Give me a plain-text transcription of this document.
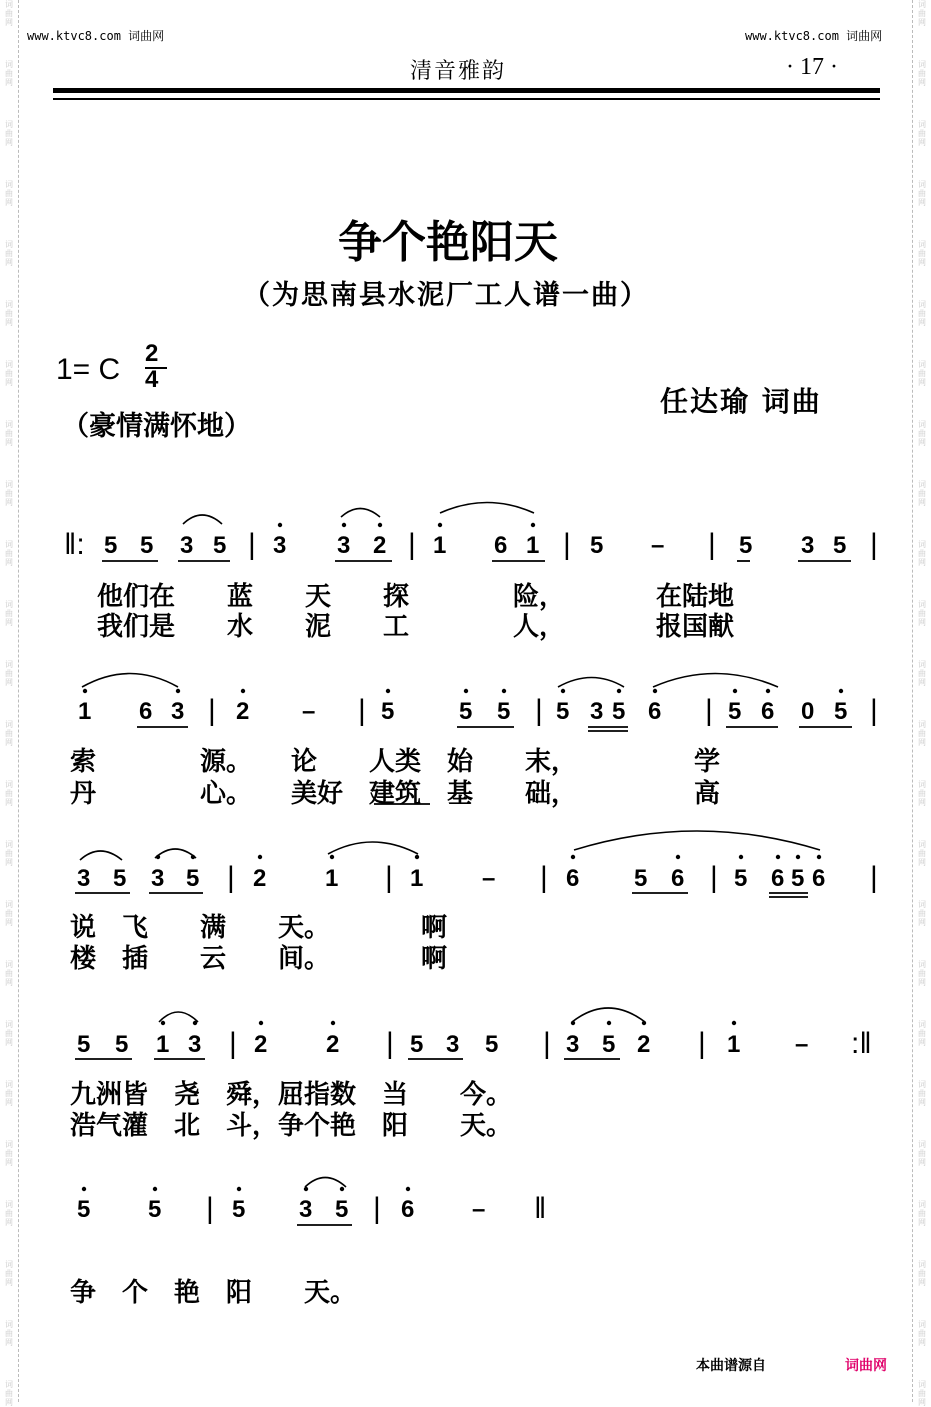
词曲网
词曲网
词曲网
词曲网
词曲网
词曲网
词曲网
词曲网
词曲网
词曲网
词曲网
词曲网
词曲网
词曲网
词曲网
词曲网
词曲网
词曲网
词曲网
词曲网
词曲网
词曲网
词曲网
词曲网
词曲网
词曲网
词曲网
词曲网
词曲网
词曲网
词曲网
词曲网
词曲网
词曲网
词曲网
词曲网
词曲网
词曲网
词曲网
词曲网
词曲网
词曲网
词曲网
词曲网
词曲网
词曲网
词曲网
词曲网
www.ktvc8.com 词曲网	www.ktvc8.com 词曲网
清音雅韵	· 17 ·
争个艳阳天
（为思南县水泥厂工人谱一曲）
1= C 2
4
（豪情满怀地）
任达瑜 词曲
‖: 5 5 3 5 | 3 3 2 | 1 6 1 | 5 – | 5 3 5 |
他们在　　蓝　　天　　探　　　　险，　　　　在陆地
我们是　　水　　泥　　工　　　　人，　　　　报国献
1 6 3 | 2 – | 5	5 5 | 5 3 5 6 | 5 6 0 5 |
索　　　　源。　　论　　人类　始　　末，　　　　　学
丹　　　　心。　　美好　建筑　基　　础，　　　　　高
3 5 3 5 | 2 1 | 1 – | 6 5 6 | 5 6 5 6 |
说　飞　　满　　天。　　　　啊
楼　插　　云　　间。　　　　啊
5 5 1 3 | 2 2 | 5 3 5 | 3 5 2 | 1 – :‖
九洲皆　尧　舜，屈指数　当　　今。
浩气灌　北　斗，争个艳　阳　　天。
5 5 | 5 3 5 | 6 – ‖
争　个　艳　阳　　天。
本曲谱源自	词曲网
